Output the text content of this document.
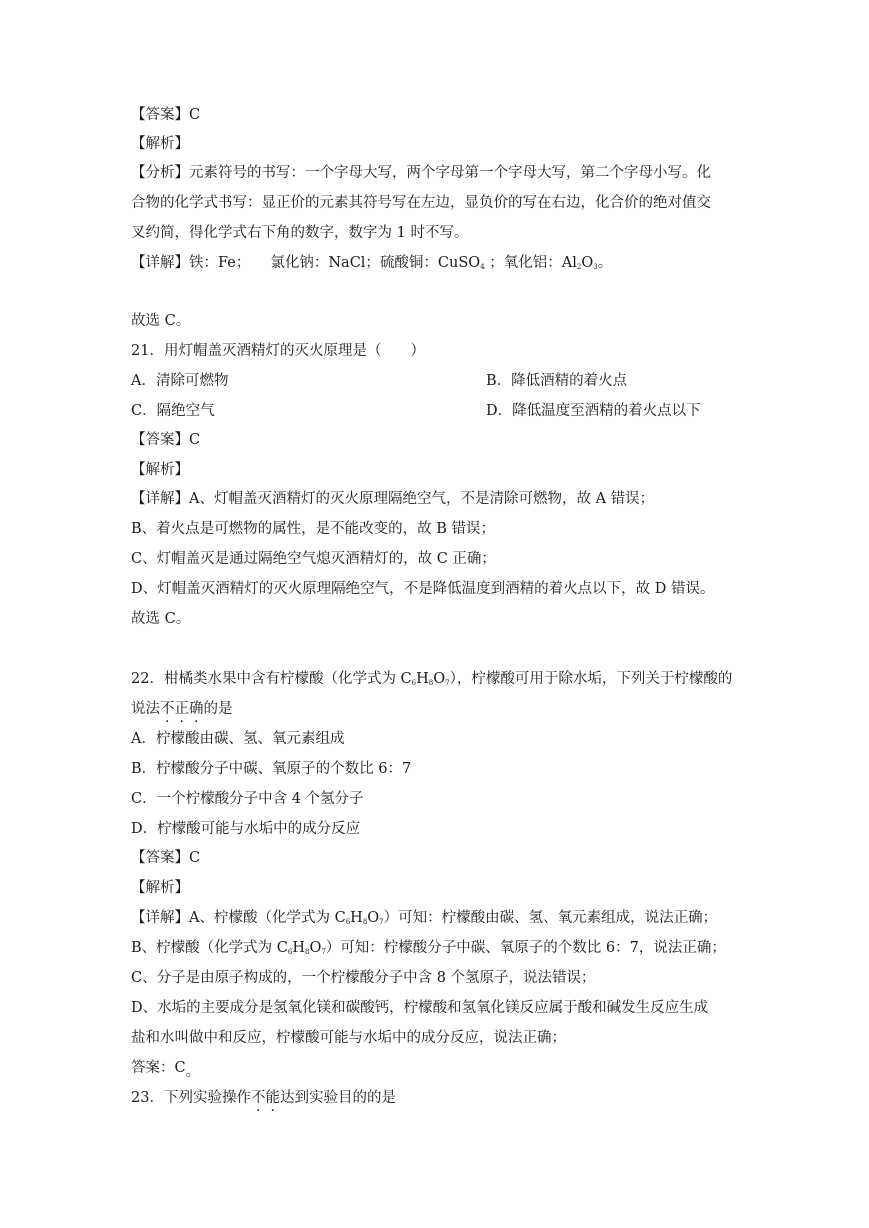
【答案】C
【解析】
【分析】元素符号的书写：一个字母大写，两个字母第一个字母大写，第二个字母小写。化
合物的化学式书写：显正价的元素其符号写在左边，显负价的写在右边，化合价的绝对值交
叉约简，得化学式右下角的数字，数字为 1 时不写。
【详解】铁：Fe； 氯化钠：NaCl；硫酸铜：CuSO4 ；氧化铝：Al2O3。
故选 C。
21．用灯帽盖灭酒精灯的灭火原理是（　　）
A．清除可燃物	B．降低酒精的着火点
C．隔绝空气	D．降低温度至酒精的着火点以下
【答案】C
【解析】
【详解】A、灯帽盖灭酒精灯的灭火原理隔绝空气，不是清除可燃物，故 A 错误；
B、着火点是可燃物的属性，是不能改变的，故 B 错误；
C、灯帽盖灭是通过隔绝空气熄灭酒精灯的，故 C 正确；
D、灯帽盖灭酒精灯的灭火原理隔绝空气，不是降低温度到酒精的着火点以下，故 D 错误。
故选 C。
22．柑橘类水果中含有柠檬酸（化学式为 C6H8O7），柠檬酸可用于除水垢，下列关于柠檬酸的
说法不正确的是
A．柠檬酸由碳、氢、氧元素组成
B．柠檬酸分子中碳、氧原子的个数比 6：7
C．一个柠檬酸分子中含 4 个氢分子
D．柠檬酸可能与水垢中的成分反应
【答案】C
【解析】
【详解】A、柠檬酸（化学式为 C6H8O7）可知：柠檬酸由碳、氢、氧元素组成，说法正确；
B、柠檬酸（化学式为 C6H8O7）可知：柠檬酸分子中碳、氧原子的个数比 6：7，说法正确；
C、分子是由原子构成的，一个柠檬酸分子中含 8 个氢原子，说法错误；
D、水垢的主要成分是氢氧化镁和碳酸钙，柠檬酸和氢氧化镁反应属于酸和碱发生反应生成
盐和水叫做中和反应，柠檬酸可能与水垢中的成分反应，说法正确；
答案：C。
23．下列实验操作不能达到实验目的的是
